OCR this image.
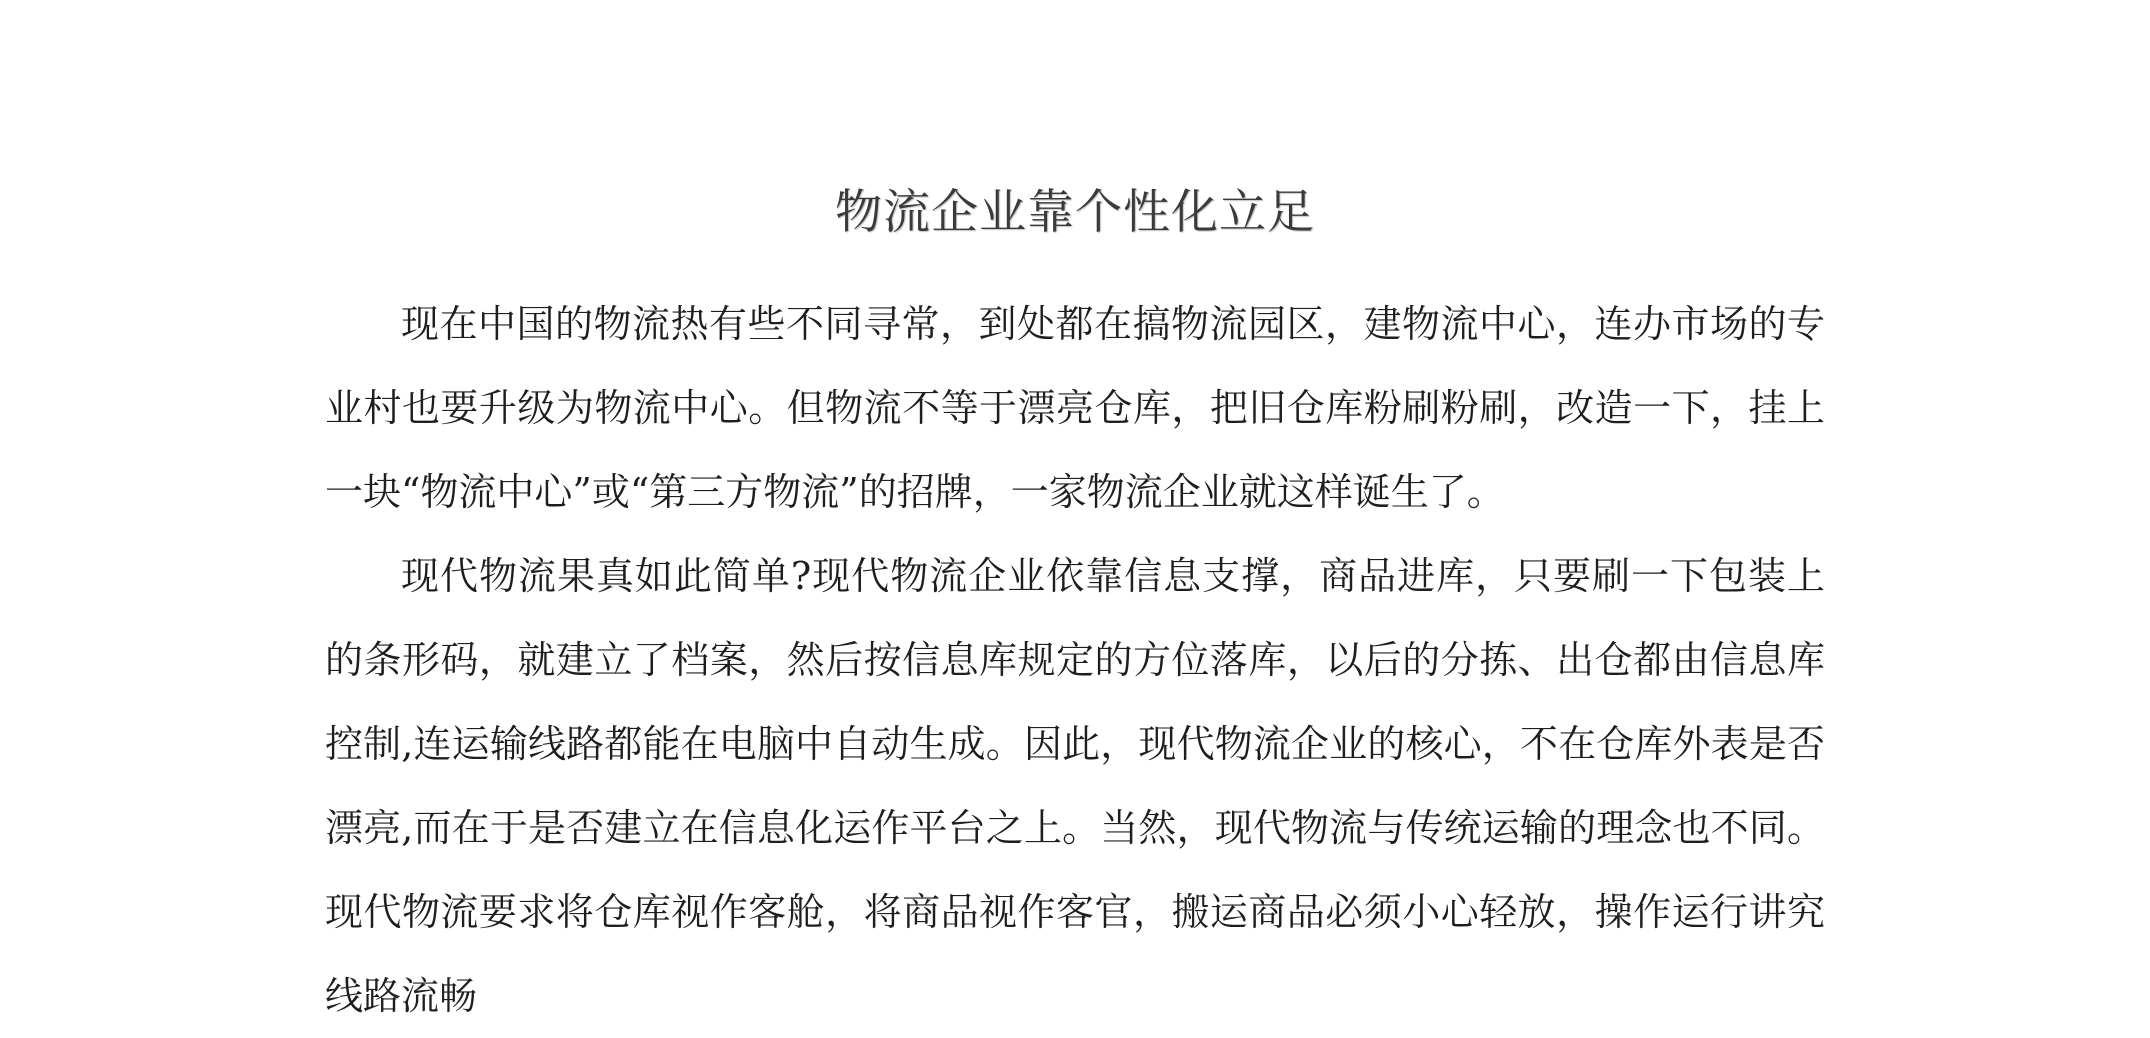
物流企业靠个性化立足

现在中国的物流热有些不同寻常，到处都在搞物流园区，建物流中心，连办市场的专业村也要升级为物流中心。但物流不等于漂亮仓库，把旧仓库粉刷粉刷，改造一下，挂上一块“物流中心”或“第三方物流”的招牌，一家物流企业就这样诞生了。

现代物流果真如此简单?现代物流企业依靠信息支撑，商品进库，只要刷一下包装上的条形码，就建立了档案，然后按信息库规定的方位落库，以后的分拣、出仓都由信息库控制,连运输线路都能在电脑中自动生成。因此，现代物流企业的核心，不在仓库外表是否漂亮,而在于是否建立在信息化运作平台之上。当然，现代物流与传统运输的理念也不同。现代物流要求将仓库视作客舱，将商品视作客官，搬运商品必须小心轻放，操作运行讲究线路流畅
